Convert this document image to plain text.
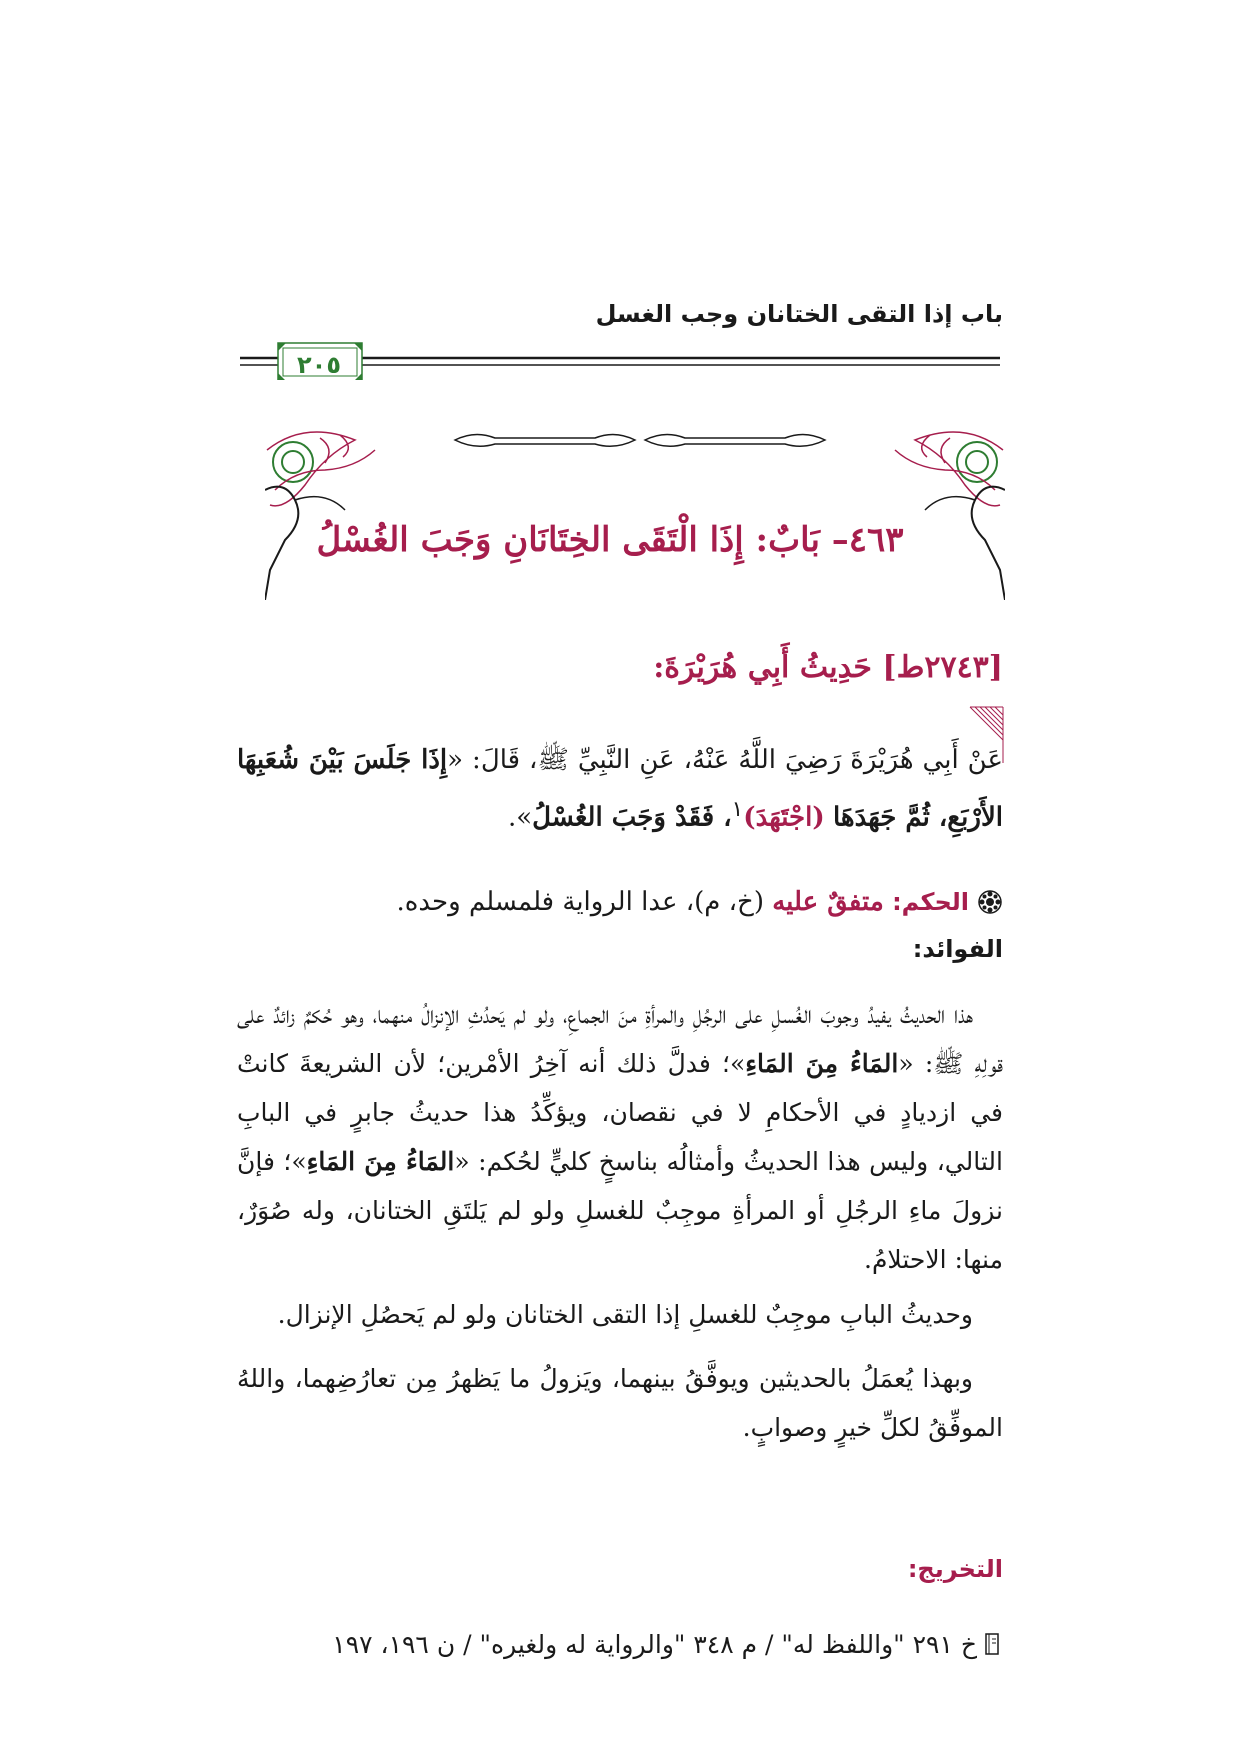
باب إذا التقى الختانان وجب الغسل
٢٠٥
٤٦٣– بَابٌ: إِذَا الْتَقَى الخِتَانَانِ وَجَبَ الغُسْلُ
[٢٧٤٣ط] حَدِيثُ أَبِي هُرَيْرَةَ:
عَنْ أَبِي هُرَيْرَةَ رَضِيَ اللَّهُ عَنْهُ، عَنِ النَّبِيِّ ﷺ، قَالَ: «إِذَا جَلَسَ بَيْنَ شُعَبِهَا الأَرْبَعِ، ثُمَّ جَهَدَهَا (اجْتَهَدَ)$^١$، فَقَدْ وَجَبَ الغُسْلُ».
الحكم: متفقٌ عليه (خ، م)، عدا الرواية فلمسلم وحده.
الفوائد:
هذا الحديثُ يفيدُ وجوبَ الغُسلِ على الرجُلِ والمرأةِ منَ الجماعِ، ولو لم يَحدُثِ الإنزالُ منهما، وهو حُكمٌ زائدٌ على قولِهِ ﷺ: «المَاءُ مِنَ المَاءِ»؛ فدلَّ ذلك أنه آخِرُ الأمْرين؛ لأن الشريعةَ كانتْ في ازديادٍ في الأحكامِ لا في نقصان، ويؤكِّدُ هذا حديثُ جابرٍ في البابِ التالي، وليس هذا الحديثُ وأمثالُه بناسخٍ كليٍّ لحُكم: «المَاءُ مِنَ المَاءِ»؛ فإنَّ نزولَ ماءِ الرجُلِ أو المرأةِ موجِبٌ للغسلِ ولو لم يَلتَقِ الختانان، وله صُوَرٌ، منها: الاحتلامُ.
وحديثُ البابِ موجِبٌ للغسلِ إذا التقى الختانان ولو لم يَحصُلِ الإنزال.
وبهذا يُعمَلُ بالحديثين ويوفَّقُ بينهما، ويَزولُ ما يَظهرُ مِن تعارُضِهما، واللهُ الموفِّقُ لكلِّ خيرٍ وصوابٍ.
التخريج:
خ ٢٩١ "واللفظ له" / م ٣٤٨ "والرواية له ولغيره" / ن ١٩٦، ١٩٧
